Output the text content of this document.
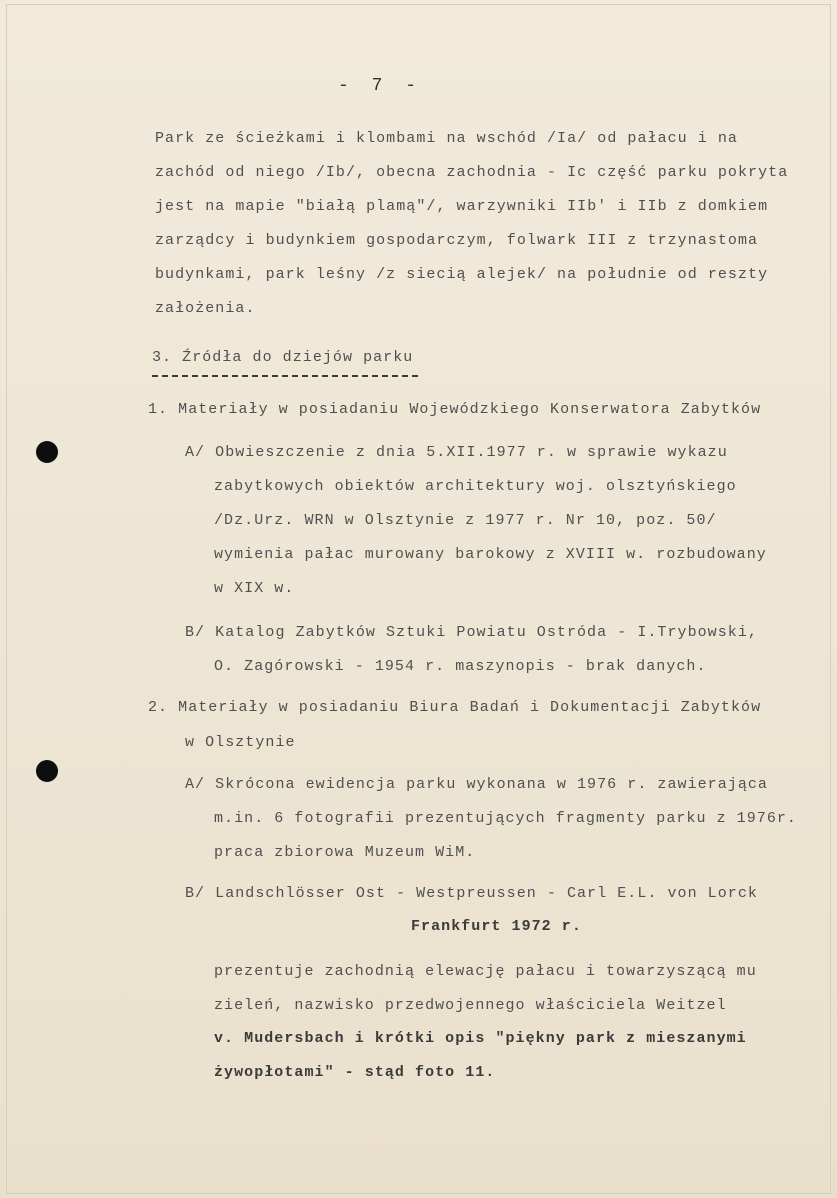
- 7 -
Park ze ścieżkami i klombami na wschód /Ia/ od pałacu i na
zachód od niego /Ib/, obecna zachodnia - Ic część parku pokryta
jest na mapie "białą plamą"/, warzywniki IIb' i IIb z domkiem
zarządcy i budynkiem gospodarczym, folwark III z trzynastoma
budynkami, park leśny /z siecią alejek/ na południe od reszty
założenia.
3. Źródła do dziejów parku
1. Materiały w posiadaniu Wojewódzkiego Konserwatora Zabytków
A/ Obwieszczenie z dnia 5.XII.1977 r. w sprawie wykazu
zabytkowych obiektów architektury woj. olsztyńskiego
/Dz.Urz. WRN w Olsztynie z 1977 r. Nr 10, poz. 50/
wymienia pałac murowany barokowy z XVIII w. rozbudowany
w XIX w.
B/ Katalog Zabytków Sztuki Powiatu Ostróda - I.Trybowski,
O. Zagórowski - 1954 r. maszynopis - brak danych.
2. Materiały w posiadaniu Biura Badań i Dokumentacji Zabytków
w Olsztynie
A/ Skrócona ewidencja parku wykonana w 1976 r. zawierająca
m.in. 6 fotografii prezentujących fragmenty parku z 1976r.
praca zbiorowa Muzeum WiM.
B/ Landschlösser Ost - Westpreussen - Carl E.L. von Lorck
Frankfurt 1972 r.
prezentuje zachodnią elewację pałacu i towarzyszącą mu
zieleń, nazwisko przedwojennego właściciela Weitzel
v. Mudersbach i krótki opis "piękny park z mieszanymi
żywopłotami" - stąd foto 11.
